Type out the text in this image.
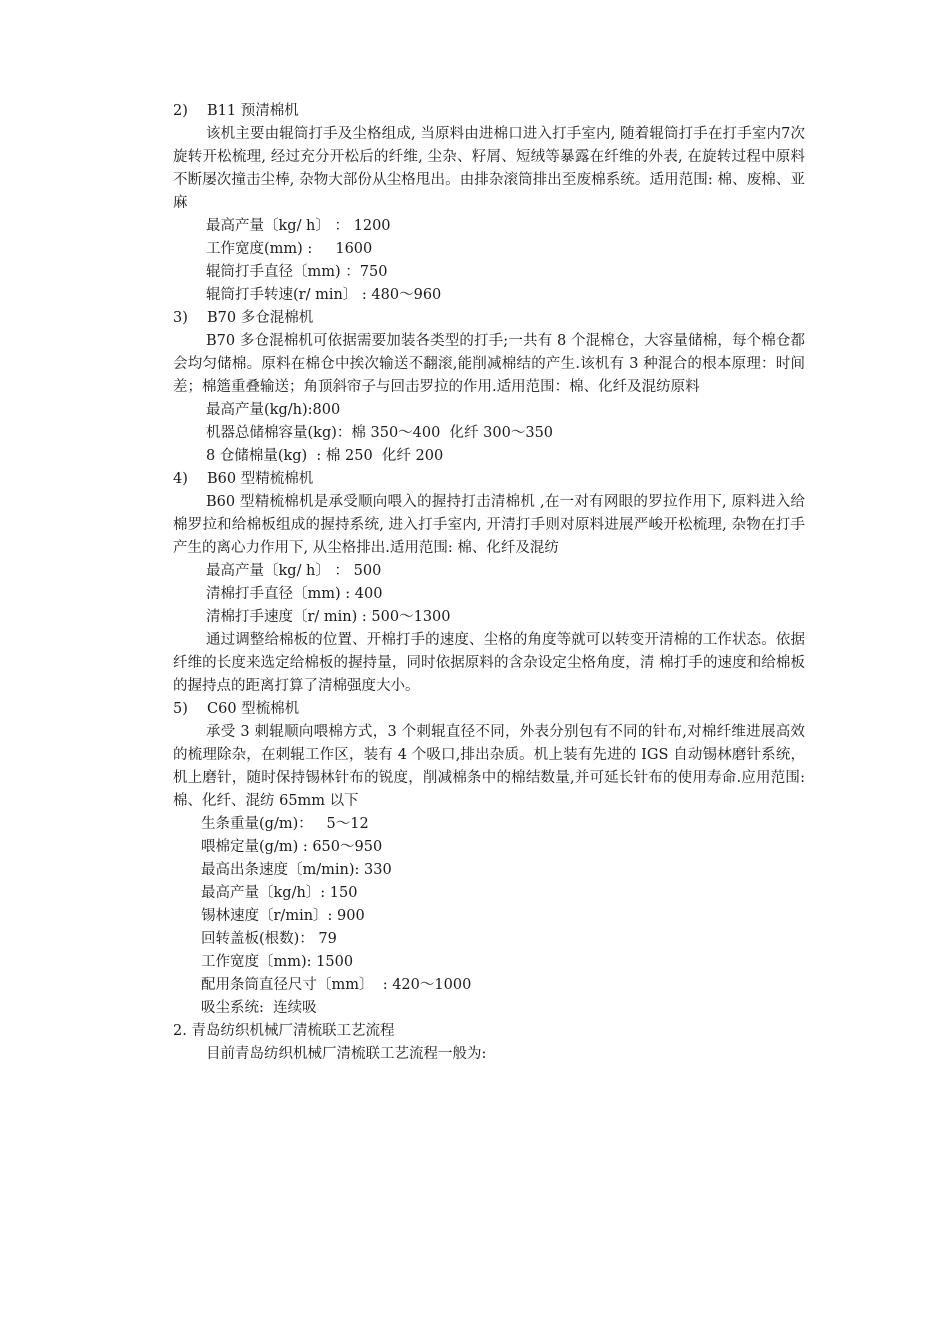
2)	B11 预清棉机
该机主要由辊筒打手及尘格组成, 当原料由进棉口进入打手室内, 随着辊筒打手在打手室内7次旋转开松梳理, 经过充分开松后的纤维, 尘杂、籽屑、短绒等暴露在纤维的外表, 在旋转过程中原料不断屡次撞击尘棒, 杂物大部份从尘格甩出。由排杂滚筒排出至废棉系统。适用范围: 棉、废棉、亚麻
最高产量〔kg/ h〕 ： 1200
工作宽度(mm) :     1600
辊筒打手直径〔mm) ：750
辊筒打手转速(r/ min〕 : 480～960
3)	B70 多仓混棉机
B70 多仓混棉机可依据需要加装各类型的打手;一共有 8 个混棉仓，大容量储棉，每个棉仓都会均匀储棉。原料在棉仓中挨次输送不翻滚,能削减棉结的产生.该机有 3 种混合的根本原理：时间差；棉簉重叠输送；角顶斜帘子与回击罗拉的作用.适用范围：棉、化纤及混纺原料
最高产量(kg/h):800
机器总储棉容量(kg)：棉 350～400  化纤 300～350
8 仓储棉量(kg)  : 棉 250  化纤 200
4)	B60 型精梳棉机
B60 型精梳棉机是承受顺向喂入的握持打击清棉机 ,在一对有网眼的罗拉作用下, 原料进入给棉罗拉和给棉板组成的握持系统, 进入打手室内, 开清打手则对原料进展严峻开松梳理, 杂物在打手产生的离心力作用下, 从尘格排出.适用范围: 棉、化纤及混纺
最高产量〔kg/ h〕 ： 500
清棉打手直径〔mm) : 400
清棉打手速度〔r/ min) : 500～1300
通过调整给棉板的位置、开棉打手的速度、尘格的角度等就可以转变开清棉的工作状态。依据纤维的长度来选定给棉板的握持量，同时依据原料的含杂设定尘格角度，清 棉打手的速度和给棉板的握持点的距离打算了清棉强度大小。
5)	C60 型梳棉机
承受 3 刺辊顺向喂棉方式，3 个刺辊直径不同，外表分别包有不同的针布,对棉纤维进展高效的梳理除杂，在刺辊工作区，装有 4 个吸口,排出杂质。机上装有先进的 IGS 自动锡林磨针系统，机上磨针，随时保持锡林针布的锐度，削减棉条中的棉结数量,并可延长针布的使用寿命.应用范围: 棉、化纤、混纺 65mm 以下
生条重量(g/m)：   5～12
喂棉定量(g/m) : 650～950
最高出条速度〔m/min): 330
最高产量〔kg/h〕: 150
锡林速度〔r/min〕: 900
回转盖板(根数)： 79
工作宽度〔mm): 1500
配用条筒直径尺寸〔mm〕  : 420～1000
吸尘系统:  连续吸
2. 青岛纺织机械厂清梳联工艺流程
目前青岛纺织机械厂清梳联工艺流程一般为:
